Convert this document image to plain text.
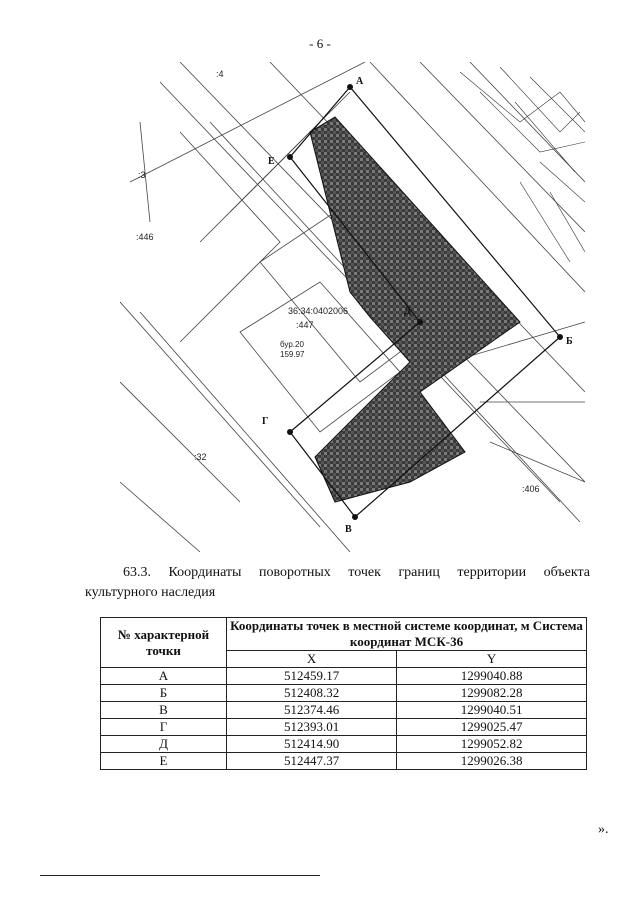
- 6 -
А
Б
В
Г
Д
Е
36:34:0402006
:3
:446
:447
:32
:406
:4
бур.20
159.97
63.3. Координаты поворотных точек границ территории объекта
культурного наследия
№ характерной точки	Координаты точек в местной системе координат, м Система координат МСК-36	
	X	Y
А	512459.17	1299040.88
Б	512408.32	1299082.28
В	512374.46	1299040.51
Г	512393.01	1299025.47
Д	512414.90	1299052.82
Е	512447.37	1299026.38
».
